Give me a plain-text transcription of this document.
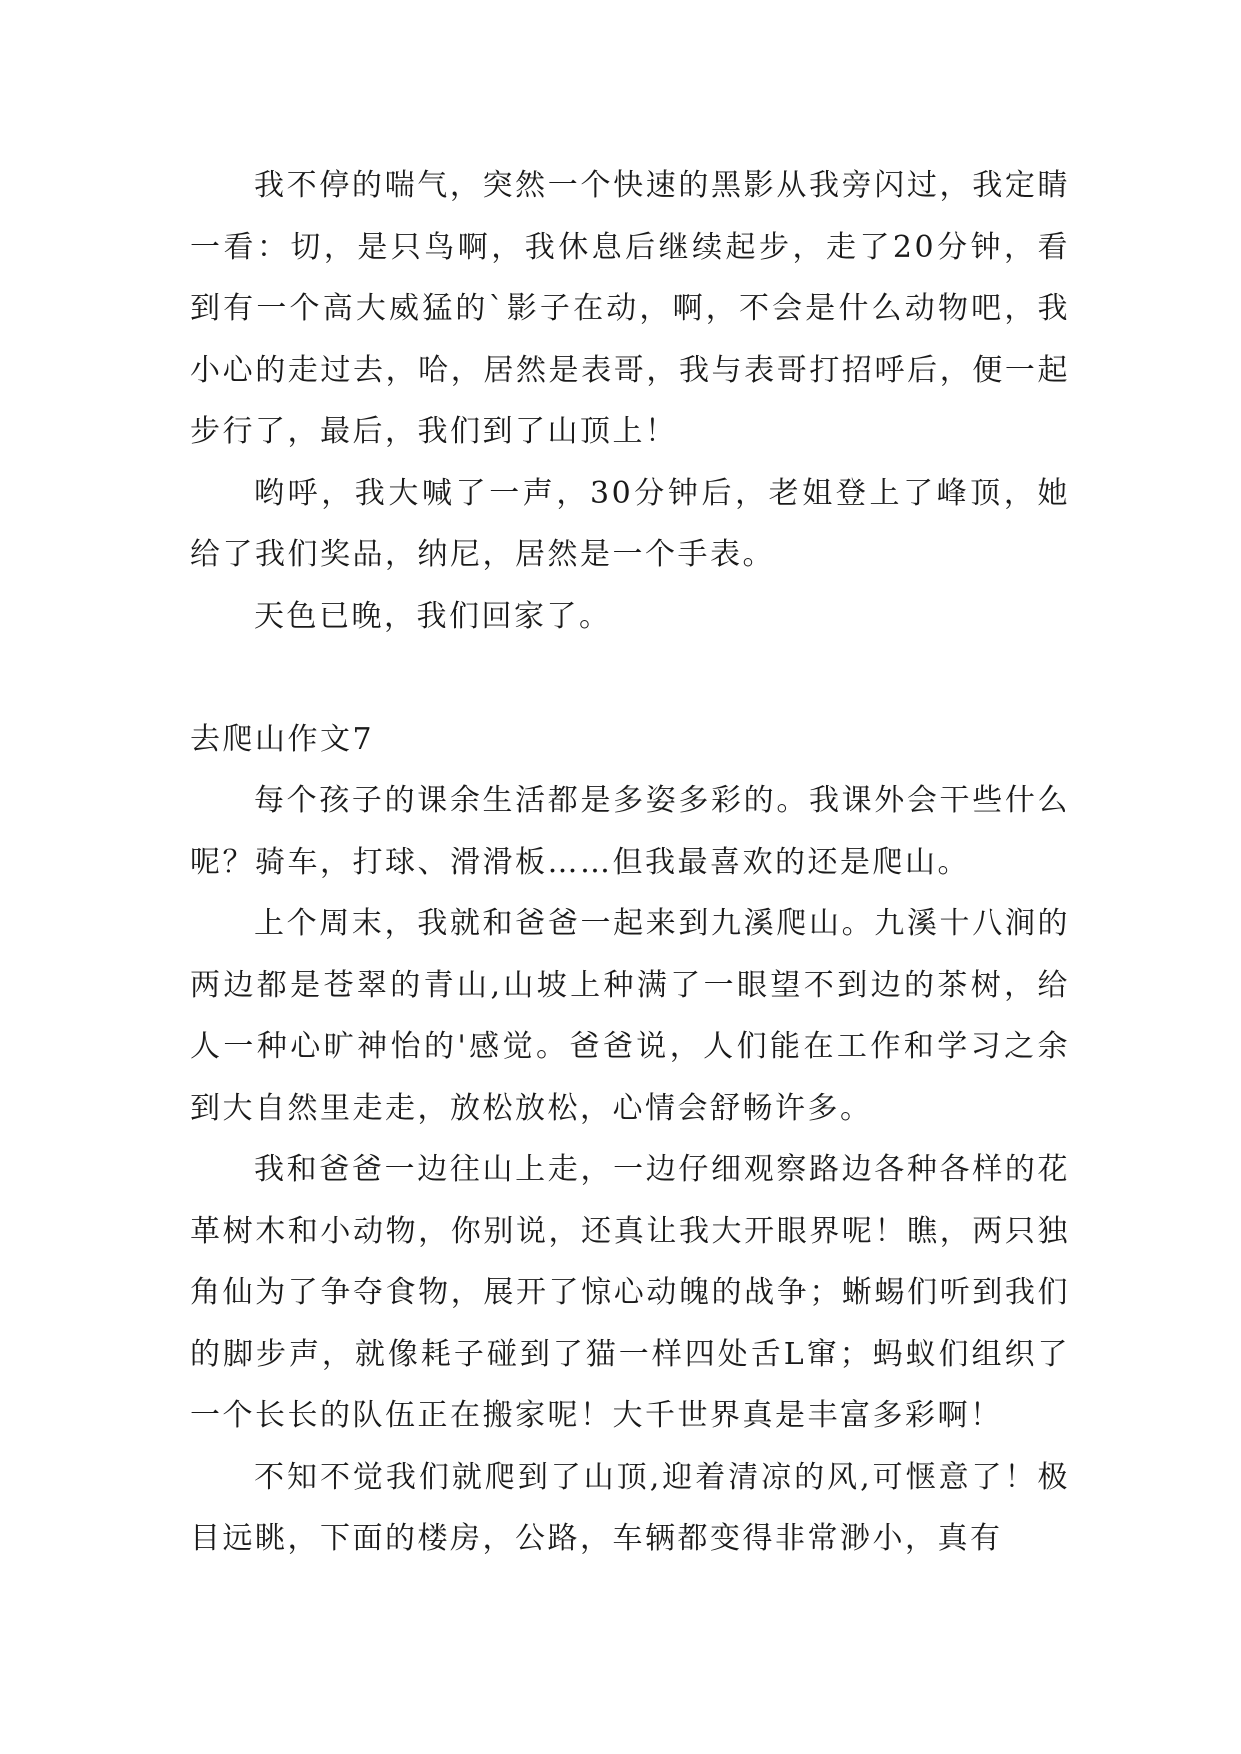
我不停的喘气，突然一个快速的黑影从我旁闪过，我定睛一看：切，是只鸟啊，我休息后继续起步，走了20分钟，看到有一个高大威猛的`影子在动，啊，不会是什么动物吧，我小心的走过去，哈，居然是表哥，我与表哥打招呼后，便一起步行了，最后，我们到了山顶上！

哟呼，我大喊了一声，30分钟后，老姐登上了峰顶，她给了我们奖品，纳尼，居然是一个手表。

天色已晚，我们回家了。

去爬山作文7

每个孩子的课余生活都是多姿多彩的。我课外会干些什么呢？骑车，打球、滑滑板……但我最喜欢的还是爬山。

上个周末，我就和爸爸一起来到九溪爬山。九溪十八涧的两边都是苍翠的青山,山坡上种满了一眼望不到边的茶树，给人一种心旷神怡的'感觉。爸爸说，人们能在工作和学习之余到大自然里走走，放松放松，心情会舒畅许多。

我和爸爸一边往山上走，一边仔细观察路边各种各样的花革树木和小动物，你别说，还真让我大开眼界呢！瞧，两只独角仙为了争夺食物，展开了惊心动魄的战争；蜥蜴们听到我们的脚步声，就像耗子碰到了猫一样四处舌L窜；蚂蚁们组织了一个长长的队伍正在搬家呢！大千世界真是丰富多彩啊！

不知不觉我们就爬到了山顶,迎着清凉的风,可惬意了！极目远眺，下面的楼房，公路，车辆都变得非常渺小，真有
